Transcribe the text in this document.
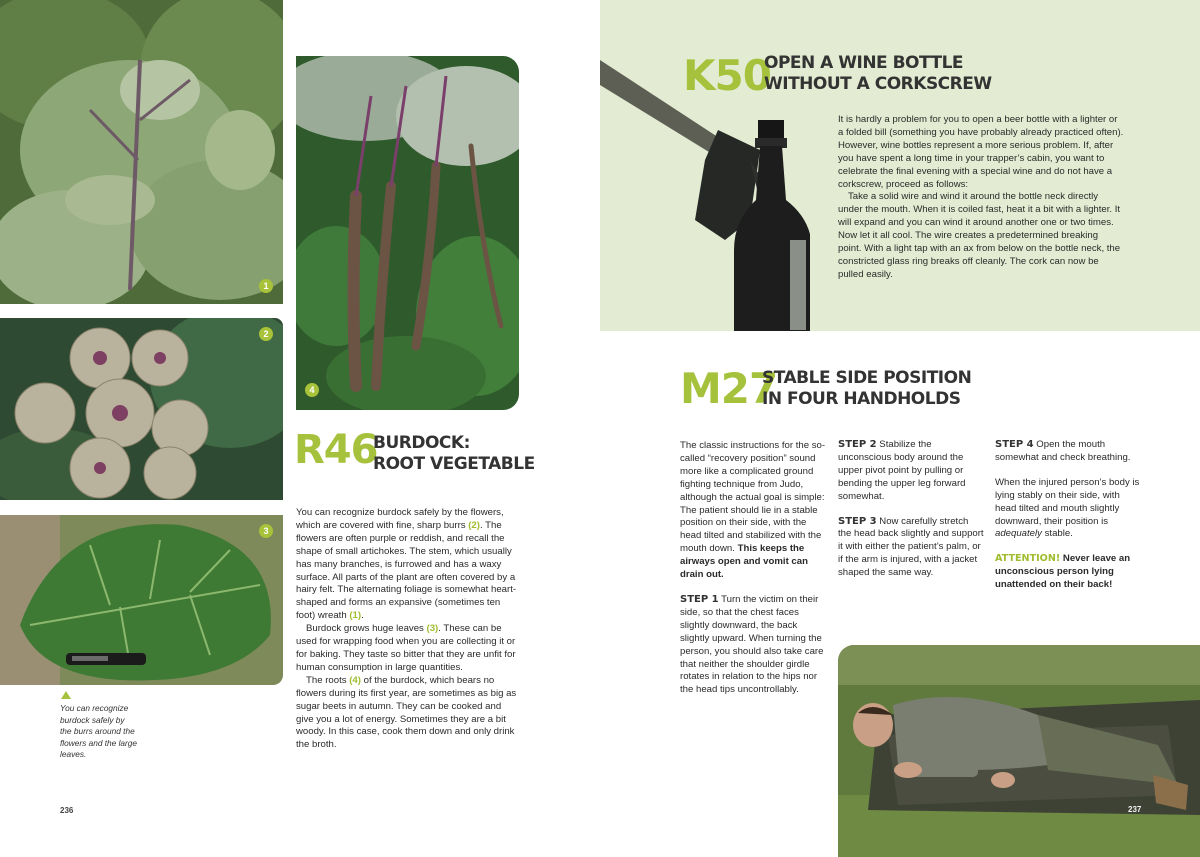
1
2
3
You can recognize burdock safely by the burrs around the flowers and the large leaves.
236
4
R46
BURDOCK:
ROOT VEGETABLE

You can recognize burdock safely by the flowers, which are covered with fine, sharp burrs (2). The flowers are often purple or reddish, and recall the shape of small artichokes. The stem, which usually has many branches, is furrowed and has a waxy surface. All parts of the plant are often covered by a hairy felt. The alternating foliage is somewhat heart-shaped and forms an expansive (sometimes ten foot) wreath (1).

Burdock grows huge leaves (3). These can be used for wrapping food when you are collecting it or for baking. They taste so bitter that they are unfit for human consumption in large quantities.

The roots (4) of the burdock, which bears no flowers during its first year, are sometimes as big as sugar beets in autumn. They can be cooked and give you a lot of energy. Sometimes they are a bit woody. In this case, cook them down and only drink the broth.

K50
OPEN A WINE BOTTLE
WITHOUT A CORKSCREW

It is hardly a problem for you to open a beer bottle with a lighter or a folded bill (something you have probably already practiced often). However, wine bottles represent a more serious problem. If, after you have spent a long time in your trapper’s cabin, you want to celebrate the final evening with a special wine and do not have a corkscrew, proceed as follows:

Take a solid wire and wind it around the bottle neck directly under the mouth. When it is coiled fast, heat it a bit with a lighter. It will expand and you can wind it around another one or two times. Now let it all cool. The wire creates a predetermined breaking point. With a light tap with an ax from below on the bottle neck, the constricted glass ring breaks off cleanly. The cork can now be pulled easily.

M27
STABLE SIDE POSITION
IN FOUR HANDHOLDS

The classic instructions for the so-called “recovery position” sound more like a complicated ground fighting technique from Judo, although the actual goal is simple: The patient should lie in a stable position on their side, with the head tilted and stabilized with the mouth down. This keeps the airways open and vomit can drain out.

STEP 1 Turn the victim on their side, so that the chest faces slightly downward, the back slightly upward. When turning the person, you should also take care that neither the shoulder girdle rotates in relation to the hips nor the head tips uncontrollably.

STEP 2 Stabilize the unconscious body around the upper pivot point by pulling or bending the upper leg forward somewhat.

STEP 3 Now carefully stretch the head back slightly and support it with either the patient’s palm, or if the arm is injured, with a jacket shaped the same way.

STEP 4 Open the mouth somewhat and check breathing.

When the injured person’s body is lying stably on their side, with head tilted and mouth slightly downward, their position is adequately stable.

ATTENTION! Never leave an unconscious person lying unattended on their back!

237
